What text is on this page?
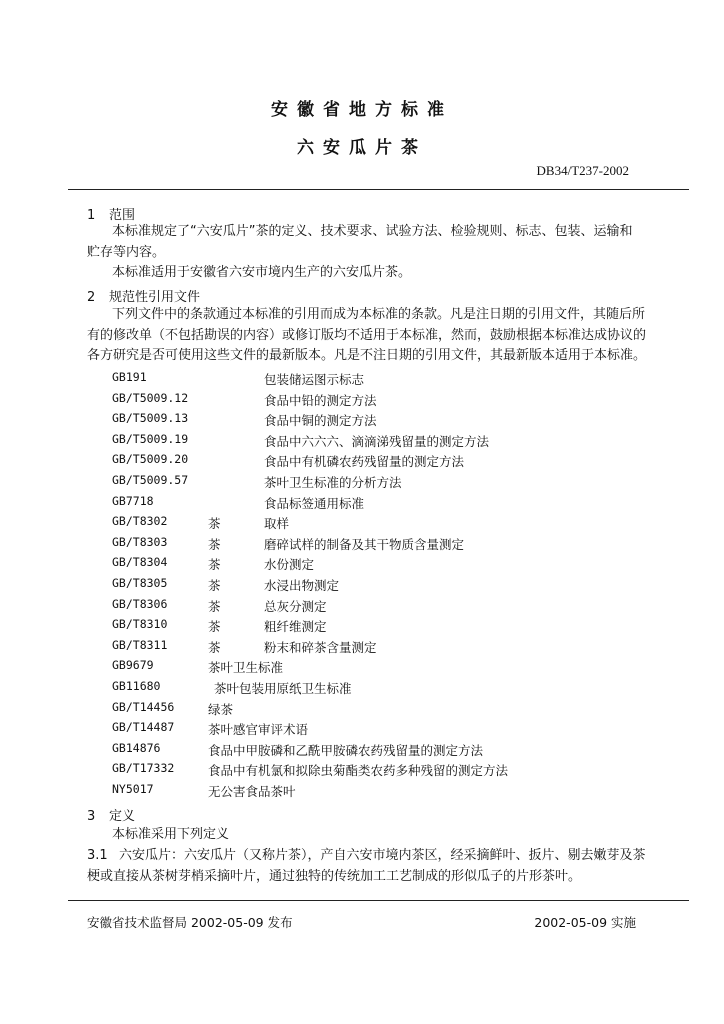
安徽省地方标准
六安瓜片茶
DB34/T237-2002
1 范围
本标准规定了“六安瓜片”茶的定义、技术要求、试验方法、检验规则、标志、包装、运输和
贮存等内容。
本标准适用于安徽省六安市境内生产的六安瓜片茶。
2 规范性引用文件
下列文件中的条款通过本标准的引用而成为本标准的条款。凡是注日期的引用文件，其随后所
有的修改单（不包括勘误的内容）或修订版均不适用于本标准，然而，鼓励根据本标准达成协议的
各方研究是否可使用这些文件的最新版本。凡是不注日期的引用文件，其最新版本适用于本标准。
GB191	包装储运图示标志
GB/T5009.12	食品中铅的测定方法
GB/T5009.13	食品中铜的测定方法
GB/T5009.19	食品中六六六、滴滴涕残留量的测定方法
GB/T5009.20	食品中有机磷农药残留量的测定方法
GB/T5009.57	茶叶卫生标准的分析方法
GB7718	食品标签通用标准
GB/T8302	茶	取样
GB/T8303	茶	磨碎试样的制备及其干物质含量测定
GB/T8304	茶	水份测定
GB/T8305	茶	水浸出物测定
GB/T8306	茶	总灰分测定
GB/T8310	茶	粗纤维测定
GB/T8311	茶	粉末和碎茶含量测定
GB9679	茶叶卫生标准
GB11680	茶叶包装用原纸卫生标准
GB/T14456	绿茶
GB/T14487	茶叶感官审评术语
GB14876	食品中甲胺磷和乙酰甲胺磷农药残留量的测定方法
GB/T17332	食品中有机氯和拟除虫菊酯类农药多种残留的测定方法
NY5017	无公害食品茶叶
3 定义
本标准采用下列定义
3.1 六安瓜片：六安瓜片（又称片茶），产自六安市境内茶区，经采摘鲜叶、扳片、剔去嫩芽及茶
梗或直接从茶树芽梢采摘叶片，通过独特的传统加工工艺制成的形似瓜子的片形茶叶。
安徽省技术监督局 2002-05-09 发布	2002-05-09 实施
